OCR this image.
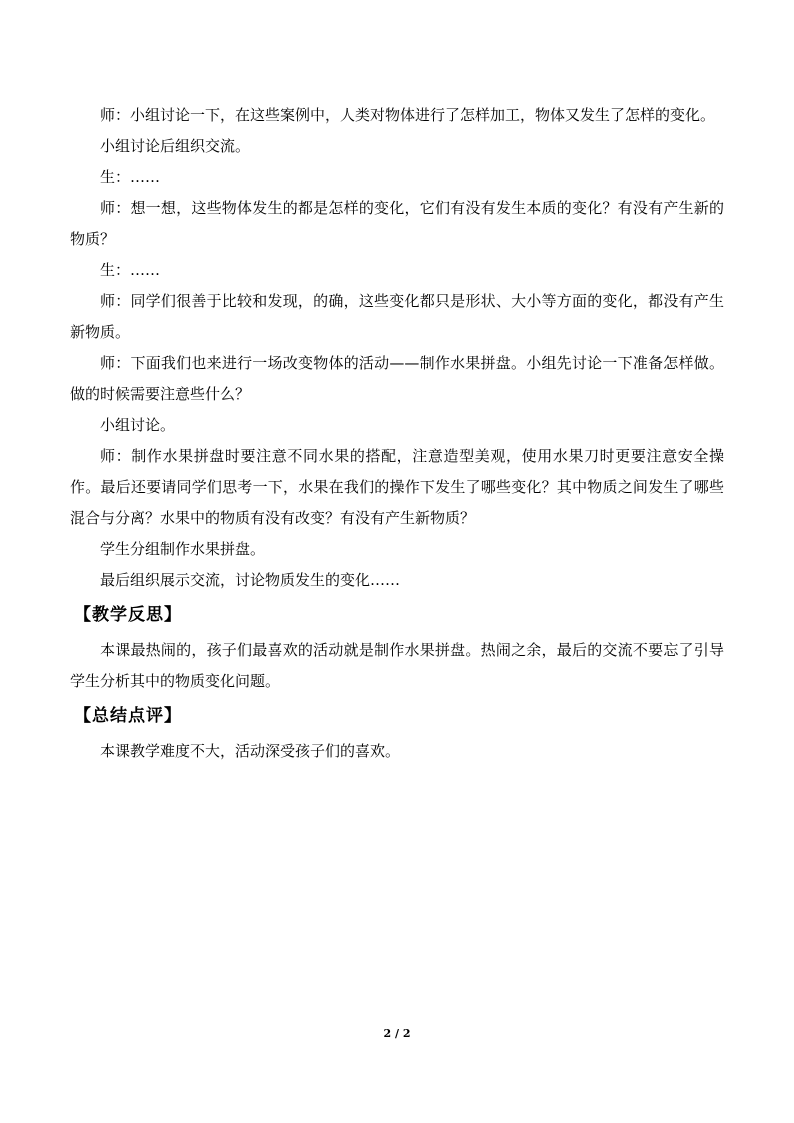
师：小组讨论一下，在这些案例中，人类对物体进行了怎样加工，物体又发生了怎样的变化。

小组讨论后组织交流。

生：……

师：想一想，这些物体发生的都是怎样的变化，它们有没有发生本质的变化？有没有产生新的物质？

生：……

师：同学们很善于比较和发现，的确，这些变化都只是形状、大小等方面的变化，都没有产生新物质。

师：下面我们也来进行一场改变物体的活动——制作水果拼盘。小组先讨论一下准备怎样做。做的时候需要注意些什么？

小组讨论。

师：制作水果拼盘时要注意不同水果的搭配，注意造型美观，使用水果刀时更要注意安全操作。最后还要请同学们思考一下，水果在我们的操作下发生了哪些变化？其中物质之间发生了哪些混合与分离？水果中的物质有没有改变？有没有产生新物质？

学生分组制作水果拼盘。

最后组织展示交流，讨论物质发生的变化……

【教学反思】

本课最热闹的，孩子们最喜欢的活动就是制作水果拼盘。热闹之余，最后的交流不要忘了引导学生分析其中的物质变化问题。

【总结点评】

本课教学难度不大，活动深受孩子们的喜欢。

2 / 2
